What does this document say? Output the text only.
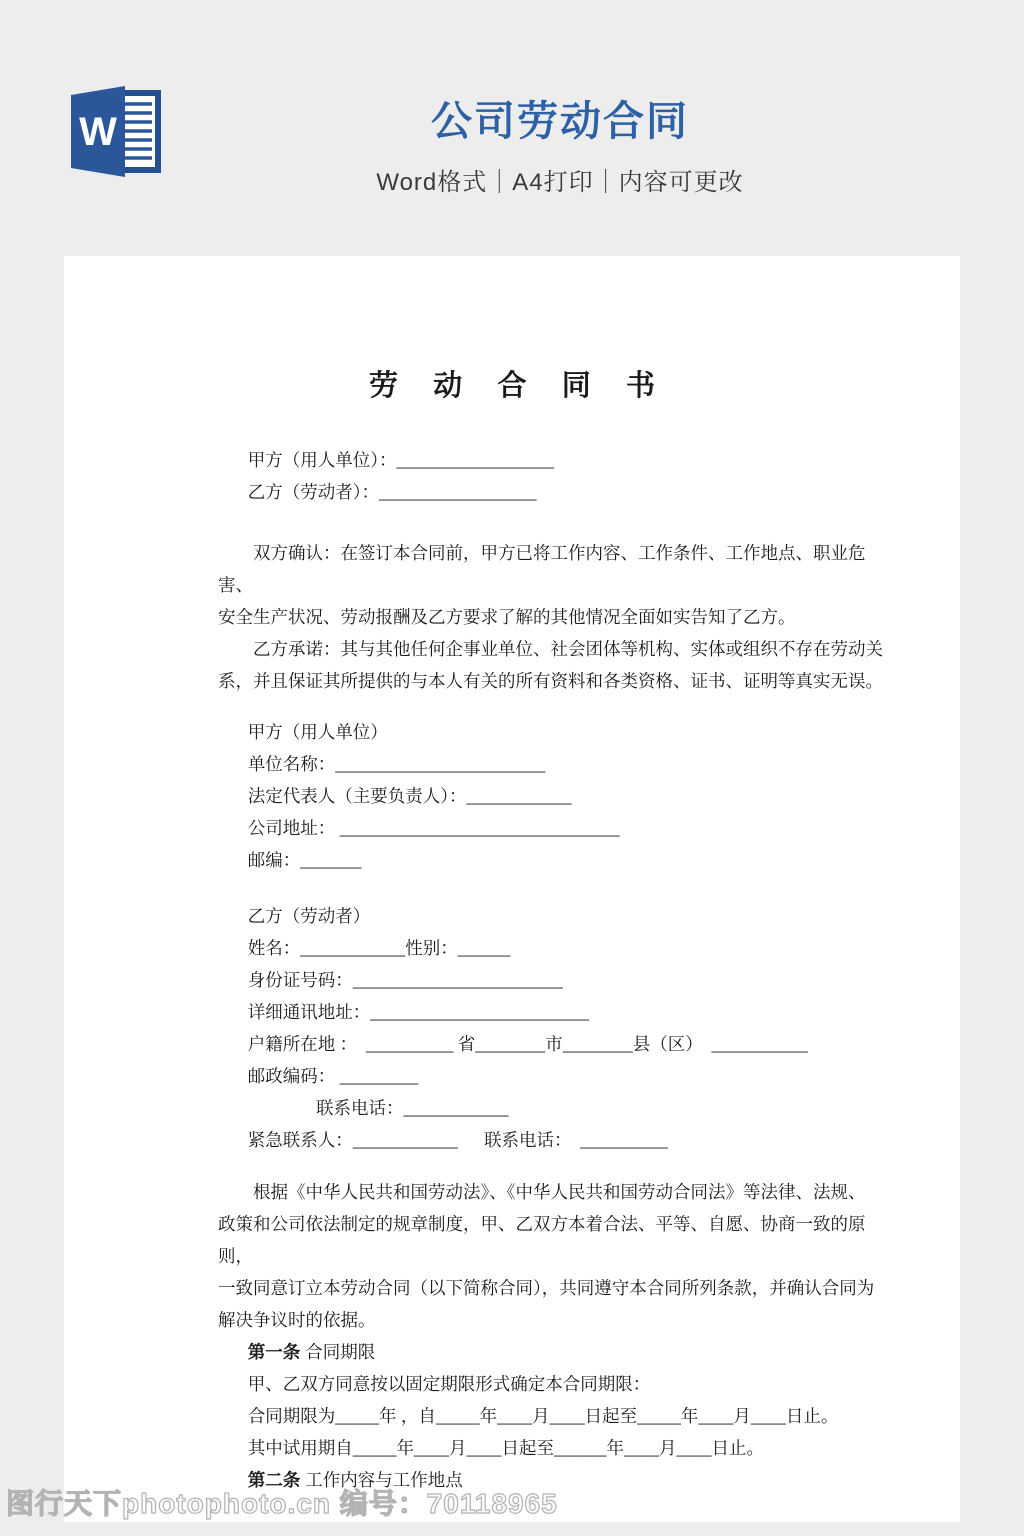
W	公司劳动合同
Word格式｜A4打印｜内容可更改
劳 动 合 同 书
甲方（用人单位）：__________________
乙方（劳动者）：__________________
双方确认：在签订本合同前，甲方已将工作内容、工作条件、工作地点、职业危害、
安全生产状况、劳动报酬及乙方要求了解的其他情况全面如实告知了乙方。
乙方承诺：其与其他任何企事业单位、社会团体等机构、实体或组织不存在劳动关
系，并且保证其所提供的与本人有关的所有资料和各类资格、证书、证明等真实无误。
甲方（用人单位）
单位名称：________________________
法定代表人（主要负责人）：____________
公司地址： ________________________________
邮编：_______
乙方（劳动者）
姓名：____________性别：______
身份证号码：________________________
详细通讯地址：_________________________
户籍所在地 ：  __________ 省________市________县（区）  ___________
邮政编码： _________
联系电话：____________
紧急联系人：____________　  联系电话：  __________
根据《中华人民共和国劳动法》、《中华人民共和国劳动合同法》等法律、法规、
政策和公司依法制定的规章制度，甲、乙双方本着合法、平等、自愿、协商一致的原则，
一致同意订立本劳动合同（以下简称合同），共同遵守本合同所列条款，并确认合同为
解决争议时的依据。
第一条 合同期限
甲、乙双方同意按以固定期限形式确定本合同期限：
合同期限为_____年 ，自_____年____月____日起至_____年____月____日止。
其中试用期自_____年____月____日起至______年____月____日止。
第二条 工作内容与工作地点
图行天下photophoto.cn 编号：70118965
